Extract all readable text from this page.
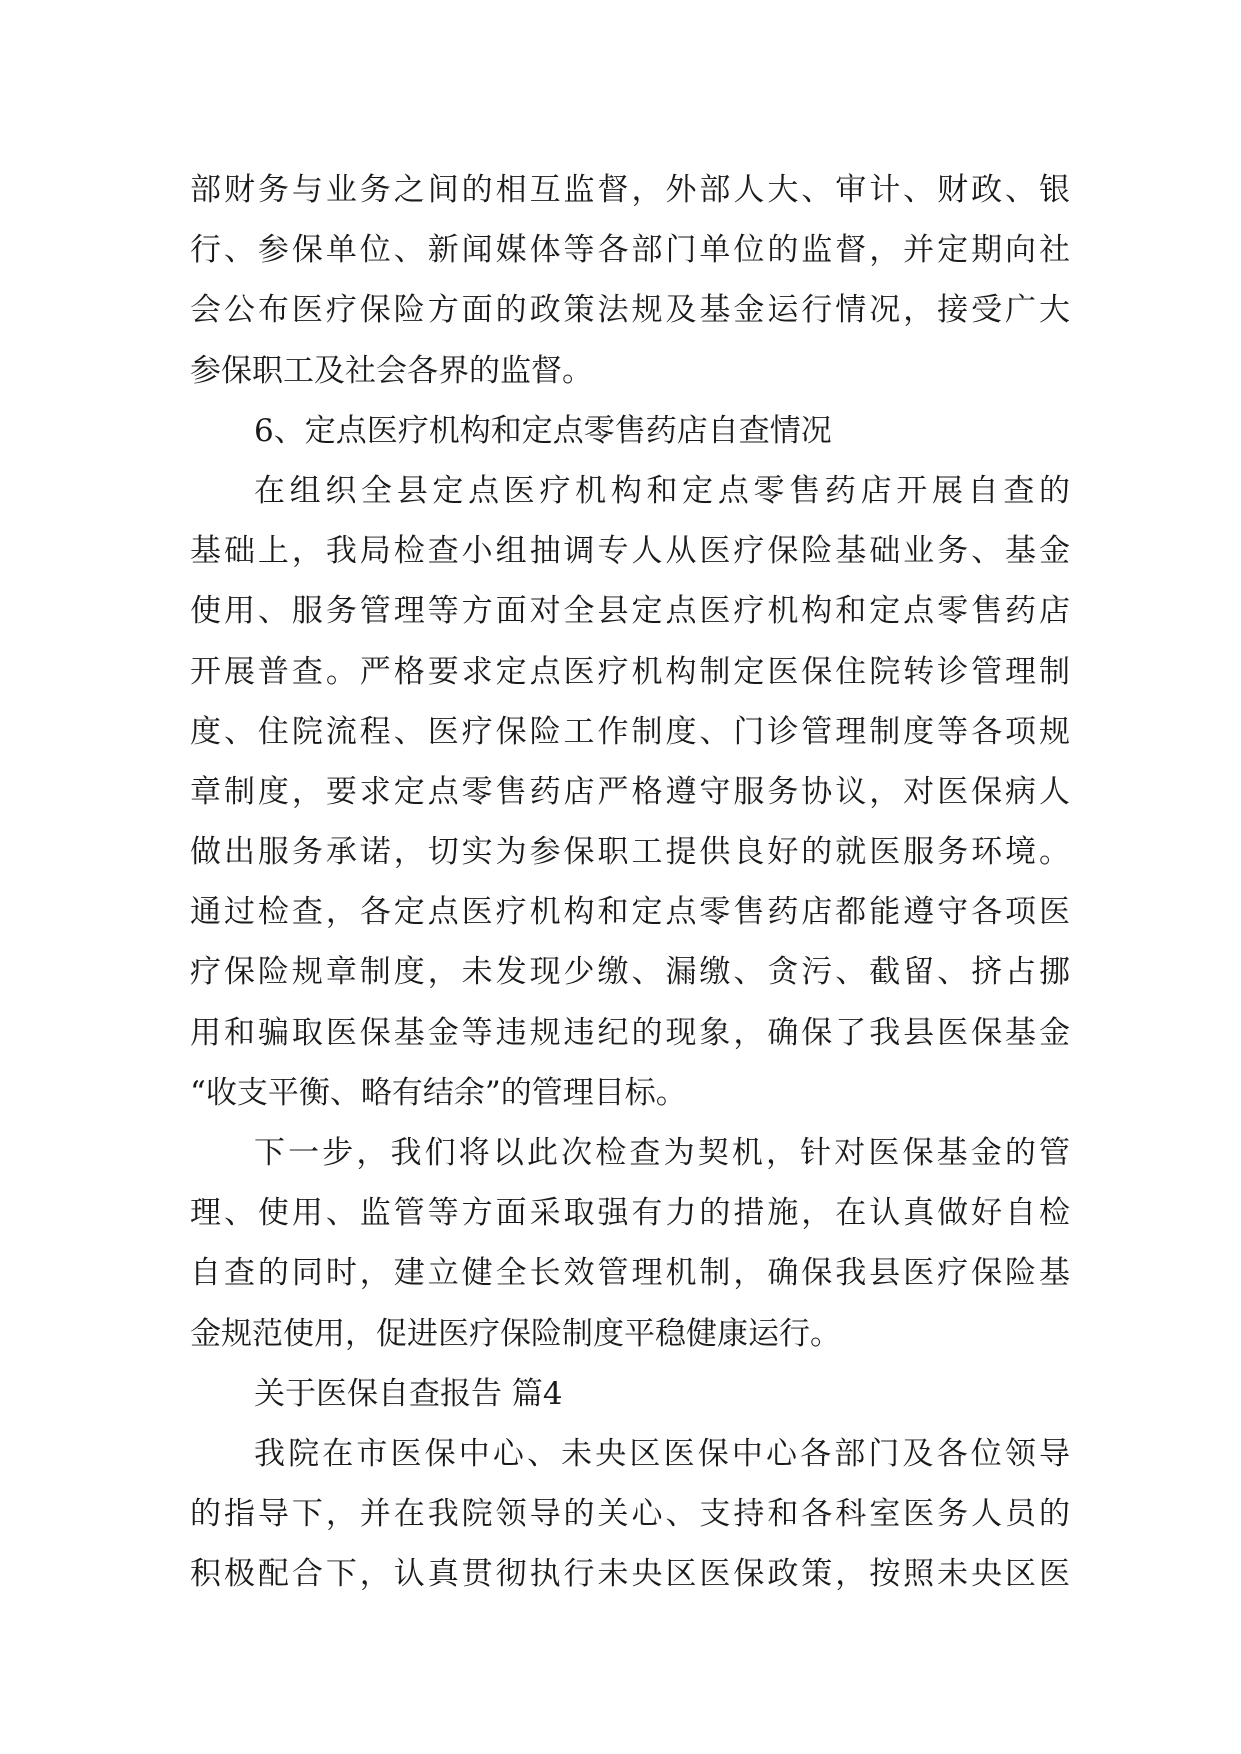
部财务与业务之间的相互监督，外部人大、审计、财政、银
行、参保单位、新闻媒体等各部门单位的监督，并定期向社
会公布医疗保险方面的政策法规及基金运行情况，接受广大
参保职工及社会各界的监督。
6、定点医疗机构和定点零售药店自查情况
在组织全县定点医疗机构和定点零售药店开展自查的
基础上，我局检查小组抽调专人从医疗保险基础业务、基金
使用、服务管理等方面对全县定点医疗机构和定点零售药店
开展普查。严格要求定点医疗机构制定医保住院转诊管理制
度、住院流程、医疗保险工作制度、门诊管理制度等各项规
章制度，要求定点零售药店严格遵守服务协议，对医保病人
做出服务承诺，切实为参保职工提供良好的就医服务环境。
通过检查，各定点医疗机构和定点零售药店都能遵守各项医
疗保险规章制度，未发现少缴、漏缴、贪污、截留、挤占挪
用和骗取医保基金等违规违纪的现象，确保了我县医保基金
“收支平衡、略有结余”的管理目标。
下一步，我们将以此次检查为契机，针对医保基金的管
理、使用、监管等方面采取强有力的措施，在认真做好自检
自查的同时，建立健全长效管理机制，确保我县医疗保险基
金规范使用，促进医疗保险制度平稳健康运行。
关于医保自查报告 篇4
我院在市医保中心、未央区医保中心各部门及各位领导
的指导下，并在我院领导的关心、支持和各科室医务人员的
积极配合下，认真贯彻执行未央区医保政策，按照未央区医
